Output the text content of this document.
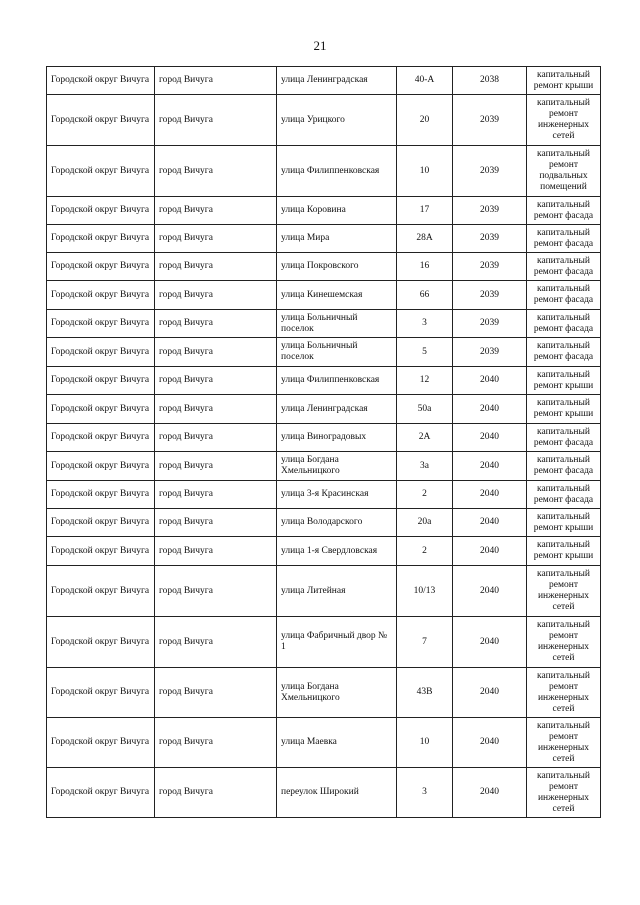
21
Городской округ Вичуга	город Вичуга	улица Ленинградская	40-А	2038	капитальный ремонт крыши
Городской округ Вичуга	город Вичуга	улица Урицкого	20	2039	капитальный ремонт инженерных сетей
Городской округ Вичуга	город Вичуга	улица Филиппенковская	10	2039	капитальный ремонт подвальных помещений
Городской округ Вичуга	город Вичуга	улица Коровина	17	2039	капитальный ремонт фасада
Городской округ Вичуга	город Вичуга	улица Мира	28А	2039	капитальный ремонт фасада
Городской округ Вичуга	город Вичуга	улица Покровского	16	2039	капитальный ремонт фасада
Городской округ Вичуга	город Вичуга	улица Кинешемская	66	2039	капитальный ремонт фасада
Городской округ Вичуга	город Вичуга	улица Больничный поселок	3	2039	капитальный ремонт фасада
Городской округ Вичуга	город Вичуга	улица Больничный поселок	5	2039	капитальный ремонт фасада
Городской округ Вичуга	город Вичуга	улица Филиппенковская	12	2040	капитальный ремонт крыши
Городской округ Вичуга	город Вичуга	улица Ленинградская	50а	2040	капитальный ремонт крыши
Городской округ Вичуга	город Вичуга	улица Виноградовых	2А	2040	капитальный ремонт фасада
Городской округ Вичуга	город Вичуга	улица Богдана Хмельницкого	3а	2040	капитальный ремонт фасада
Городской округ Вичуга	город Вичуга	улица 3-я Красинская	2	2040	капитальный ремонт фасада
Городской округ Вичуга	город Вичуга	улица Володарского	20а	2040	капитальный ремонт крыши
Городской округ Вичуга	город Вичуга	улица 1-я Свердловская	2	2040	капитальный ремонт крыши
Городской округ Вичуга	город Вичуга	улица Литейная	10/13	2040	капитальный ремонт инженерных сетей
Городской округ Вичуга	город Вичуга	улица Фабричный двор № 1	7	2040	капитальный ремонт инженерных сетей
Городской округ Вичуга	город Вичуга	улица Богдана Хмельницкого	43В	2040	капитальный ремонт инженерных сетей
Городской округ Вичуга	город Вичуга	улица Маевка	10	2040	капитальный ремонт инженерных сетей
Городской округ Вичуга	город Вичуга	переулок Широкий	3	2040	капитальный ремонт инженерных сетей
